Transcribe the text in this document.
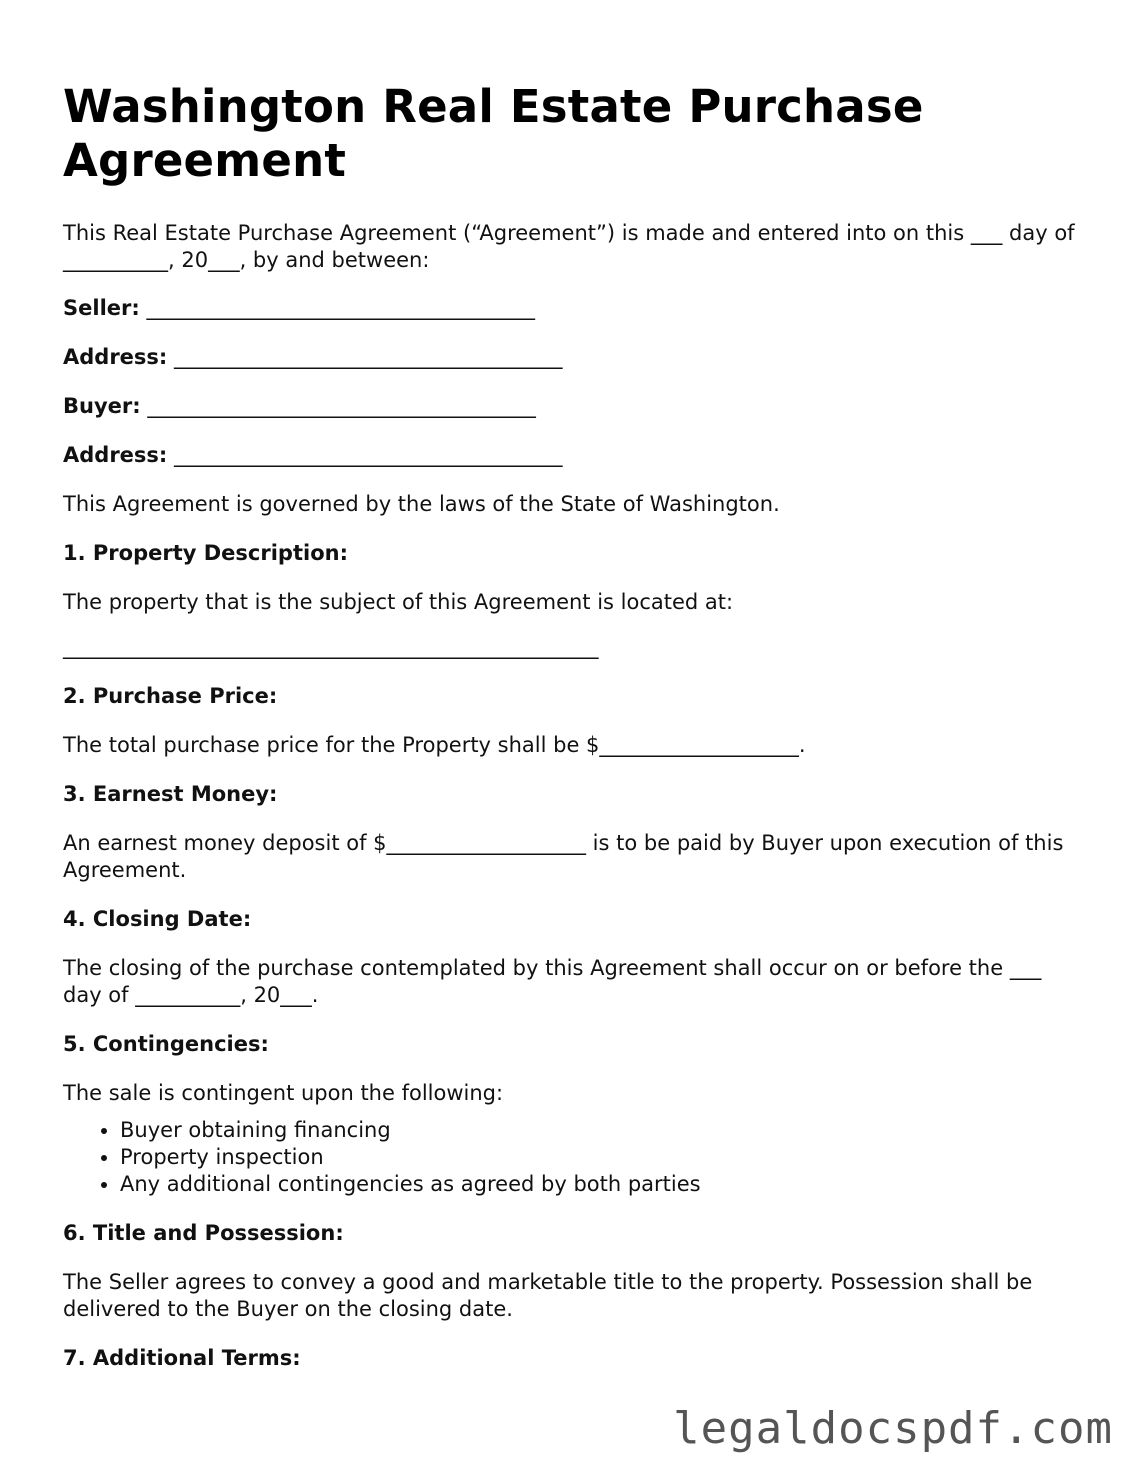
Washington Real Estate Purchase Agreement

This Real Estate Purchase Agreement (“Agreement”) is made and entered into on this ___ day of __________, 20___, by and between:

Seller: _____________________________________

Address: _____________________________________

Buyer: _____________________________________

Address: _____________________________________

This Agreement is governed by the laws of the State of Washington.

1. Property Description:

The property that is the subject of this Agreement is located at:

___________________________________________________

2. Purchase Price:

The total purchase price for the Property shall be $___________________.

3. Earnest Money:

An earnest money deposit of $___________________ is to be paid by Buyer upon execution of this Agreement.

4. Closing Date:

The closing of the purchase contemplated by this Agreement shall occur on or before the ___ day of __________, 20___.

5. Contingencies:

The sale is contingent upon the following:

• Buyer obtaining financing
• Property inspection
• Any additional contingencies as agreed by both parties
6. Title and Possession:

The Seller agrees to convey a good and marketable title to the property. Possession shall be delivered to the Buyer on the closing date.

7. Additional Terms:
legaldocspdf.com
